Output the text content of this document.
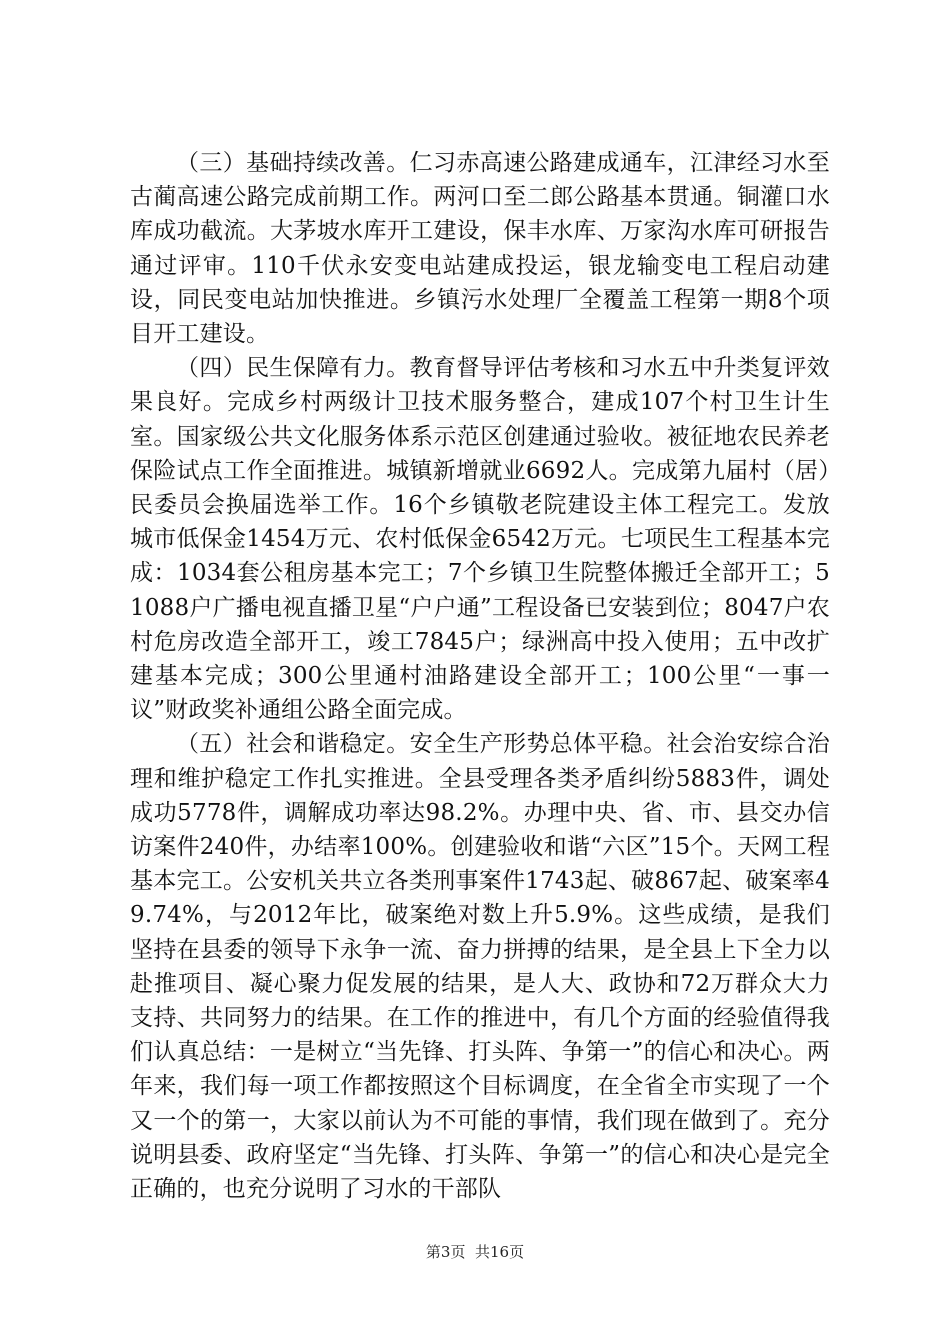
（三）基础持续改善。仁习赤高速公路建成通车，江津经习水至古蔺高速公路完成前期工作。两河口至二郎公路基本贯通。铜灌口水库成功截流。大茅坡水库开工建设，保丰水库、万家沟水库可研报告通过评审。110千伏永安变电站建成投运，银龙输变电工程启动建设，同民变电站加快推进。乡镇污水处理厂全覆盖工程第一期8个项目开工建设。

（四）民生保障有力。教育督导评估考核和习水五中升类复评效果良好。完成乡村两级计卫技术服务整合，建成107个村卫生计生室。国家级公共文化服务体系示范区创建通过验收。被征地农民养老保险试点工作全面推进。城镇新增就业6692人。完成第九届村（居）民委员会换届选举工作。16个乡镇敬老院建设主体工程完工。发放城市低保金1454万元、农村低保金6542万元。七项民生工程基本完成：1034套公租房基本完工；7个乡镇卫生院整体搬迁全部开工；51088户广播电视直播卫星“户户通”工程设备已安装到位；8047户农村危房改造全部开工，竣工7845户；绿洲高中投入使用；五中改扩建基本完成；300公里通村油路建设全部开工；100公里“一事一议”财政奖补通组公路全面完成。

（五）社会和谐稳定。安全生产形势总体平稳。社会治安综合治理和维护稳定工作扎实推进。全县受理各类矛盾纠纷5883件，调处成功5778件，调解成功率达98.2%。办理中央、省、市、县交办信访案件240件，办结率100%。创建验收和谐“六区”15个。天网工程基本完工。公安机关共立各类刑事案件1743起、破867起、破案率49.74%，与2012年比，破案绝对数上升5.9%。这些成绩，是我们坚持在县委的领导下永争一流、奋力拼搏的结果，是全县上下全力以赴推项目、凝心聚力促发展的结果，是人大、政协和72万群众大力支持、共同努力的结果。在工作的推进中，有几个方面的经验值得我们认真总结：一是树立“当先锋、打头阵、争第一”的信心和决心。两年来，我们每一项工作都按照这个目标调度，在全省全市实现了一个又一个的第一，大家以前认为不可能的事情，我们现在做到了。充分说明县委、政府坚定“当先锋、打头阵、争第一”的信心和决心是完全正确的，也充分说明了习水的干部队

第3页  共16页
